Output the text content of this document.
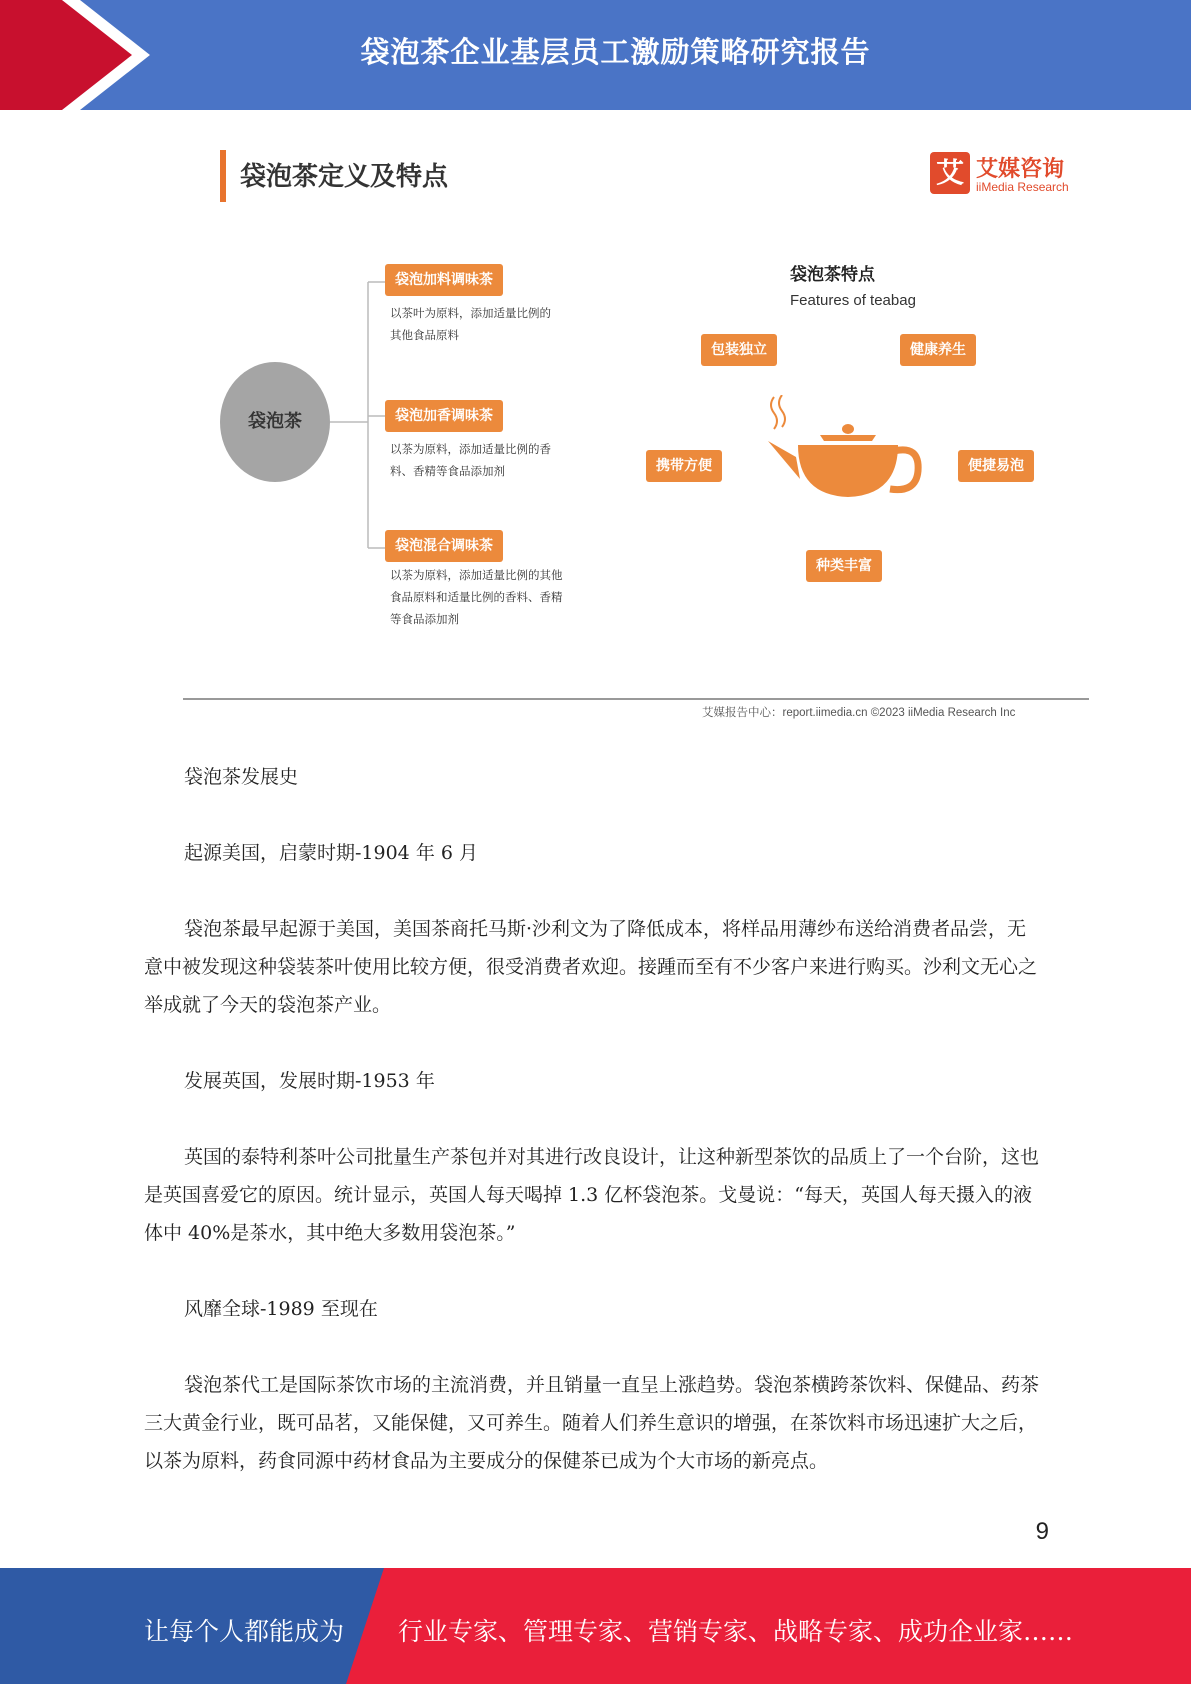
袋泡茶企业基层员工激励策略研究报告
袋泡茶定义及特点	艾 艾媒咨询
iiMedia Research
袋泡茶
袋泡加料调味茶
以茶叶为原料，添加适量比例的
其他食品原料
袋泡加香调味茶
以茶为原料，添加适量比例的香
料、香精等食品添加剂
袋泡混合调味茶
以茶为原料，添加适量比例的其他
食品原料和适量比例的香料、香精
等食品添加剂
袋泡茶特点
Features of teabag
包装独立	健康养生
携带方便	便捷易泡
种类丰富
艾媒报告中心：report.iimedia.cn ©2023 iiMedia Research Inc

袋泡茶发展史

起源美国，启蒙时期-1904 年 6 月

袋泡茶最早起源于美国，美国茶商托马斯·沙利文为了降低成本，将样品用薄纱布送给消费者品尝，无意中被发现这种袋装茶叶使用比较方便，很受消费者欢迎。接踵而至有不少客户来进行购买。沙利文无心之举成就了今天的袋泡茶产业。

发展英国，发展时期-1953 年

英国的泰特利茶叶公司批量生产茶包并对其进行改良设计，让这种新型茶饮的品质上了一个台阶，这也是英国喜爱它的原因。统计显示，英国人每天喝掉 1.3 亿杯袋泡茶。戈曼说：“每天，英国人每天摄入的液体中 40%是茶水，其中绝大多数用袋泡茶。”

风靡全球-1989 至现在

袋泡茶代工是国际茶饮市场的主流消费，并且销量一直呈上涨趋势。袋泡茶横跨茶饮料、保健品、药茶三大黄金行业，既可品茗，又能保健，又可养生。随着人们养生意识的增强，在茶饮料市场迅速扩大之后，以茶为原料，药食同源中药材食品为主要成分的保健茶已成为个大市场的新亮点。

9
让每个人都能成为 行业专家、管理专家、营销专家、战略专家、成功企业家……
